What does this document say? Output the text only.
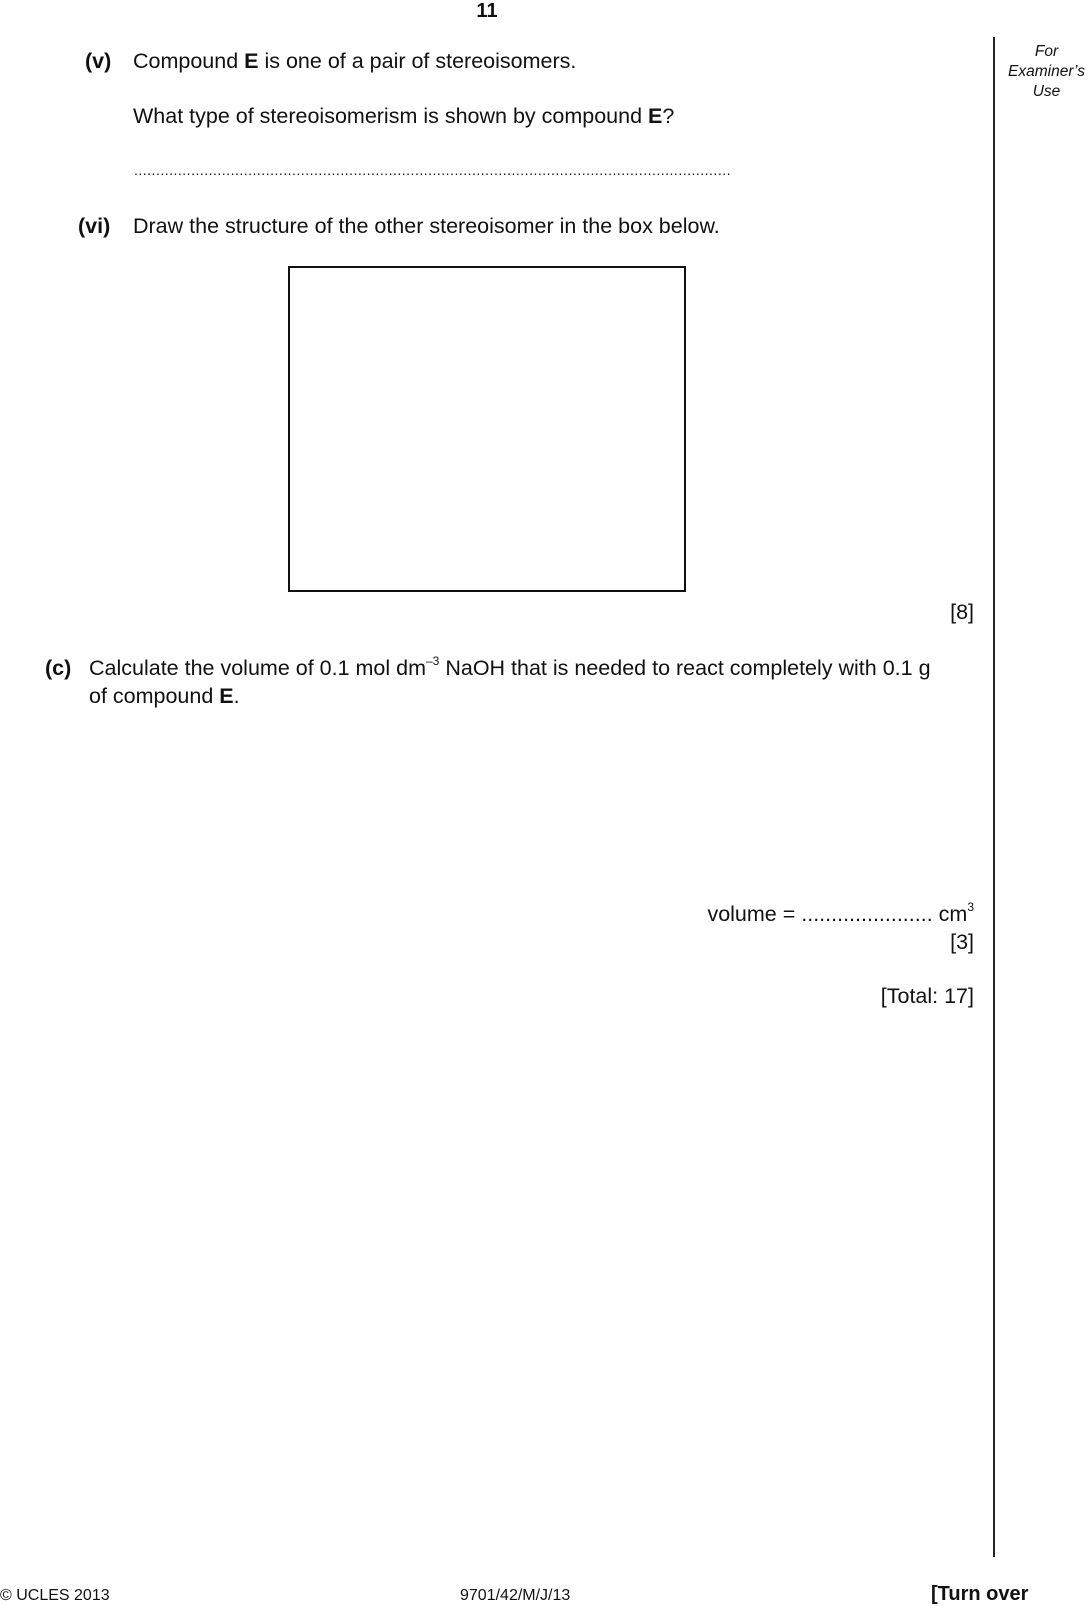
11
For
Examiner’s
Use
(v) Compound E is one of a pair of stereoisomers.
What type of stereoisomerism is shown by compound E?
........................................................................................................................................
(vi) Draw the structure of the other stereoisomer in the box below.
[8]
(c) Calculate the volume of 0.1 mol $dm^{-3}$ NaOH that is needed to react completely with 0.1 g
of compound E.
volume = ...................... $cm^3$
[3]
[Total: 17]
© UCLES 2013	9701/42/M/J/13	[Turn over
